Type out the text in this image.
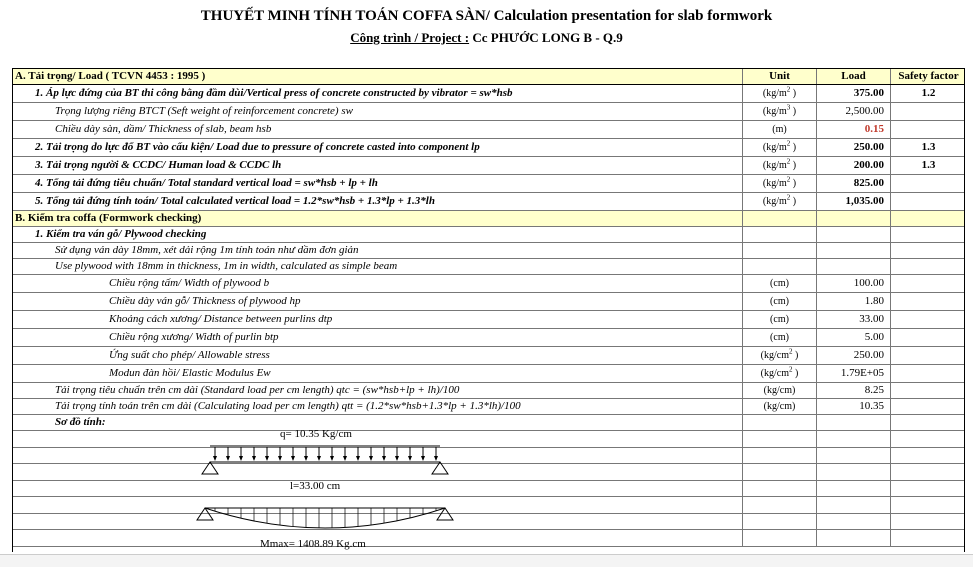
THUYẾT MINH TÍNH TOÁN COFFA SÀN/ Calculation presentation for slab formwork
Công trình / Project : Cc PHƯỚC LONG B - Q.9
A. Tải trọng/ Load ( TCVN 4453 : 1995 )	Unit	Load	Safety factor
1. Áp lực đứng của BT thi công bằng đầm dùi/Vertical press of concrete constructed by vibrator = sw*hsb	($kg/m^2$ )	375.00	1.2
Trọng lượng riêng BTCT (Seft weight of reinforcement concrete) sw	($kg/m^3$ )	2,500.00
Chiều dày sàn, dầm/ Thickness of slab, beam hsb	(m)	0.15
2. Tải trọng do lực đổ BT vào cấu kiện/ Load due to pressure of concrete casted into component lp	($kg/m^2$ )	250.00	1.3
3. Tải trọng người & CCDC/ Human load & CCDC lh	($kg/m^2$ )	200.00	1.3
4. Tổng tải đứng tiêu chuẩn/ Total standard vertical load = sw*hsb + lp + lh	($kg/m^2$ )	825.00
5. Tổng tải đứng tính toán/ Total calculated vertical load = 1.2*sw*hsb + 1.3*lp + 1.3*lh	($kg/m^2$ )	1,035.00
B. Kiểm tra coffa (Formwork checking)
1. Kiểm tra ván gỗ/ Plywood checking
Sử dụng ván dày 18mm, xét dải rộng 1m tính toán như dầm đơn giản
Use plywood with 18mm in thickness, 1m in width, calculated as simple beam
Chiều rộng tấm/ Width of plywood b	(cm)	100.00
Chiều dày ván gỗ/ Thickness of plywood hp	(cm)	1.80
Khoảng cách xương/ Distance between purlins dtp	(cm)	33.00
Chiều rộng xương/ Width of purlin btp	(cm)	5.00
Ứng suất cho phép/ Allowable stress	($kg/cm^2$ )	250.00
Modun đàn hồi/ Elastic Modulus Ew	($kg/cm^2$ )	1.79E+05
Tải trọng tiêu chuẩn trên cm dài (Standard load per cm length) qtc = (sw*hsb+lp + lh)/100	(kg/cm)	8.25
Tải trọng tính toán trên cm dài (Calculating load per cm length) qtt = (1.2*sw*hsb+1.3*lp + 1.3*lh)/100	(kg/cm)	10.35
Sơ đồ tính:
q= 10.35 Kg/cm
l=33.00 cm
Mmax= 1408.89 Kg.cm
